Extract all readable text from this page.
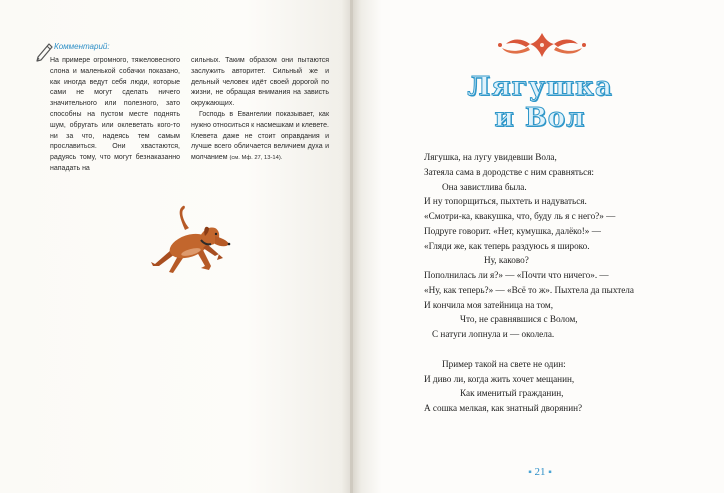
Комментарий:

На примере огромного, тяжеловесного слона и маленькой собачки показано, как иногда ведут себя люди, которые сами не могут сделать ничего значительного или полезного, зато способны на пустом месте поднять шум, обругать или оклеветать кого-то ни за что, надеясь тем самым прославиться. Они хвастаются, радуясь тому, что могут безнаказанно нападать на

сильных. Таким образом они пытаются заслужить авторитет. Сильный же и дельный человек идёт своей дорогой по жизни, не обращая внимания на зависть окружающих.

Господь в Евангелии показывает, как нужно относиться к насмешкам и клевете. Клевета даже не стоит оправдания и лучше всего обличается величием духа и молчанием (см. Мф. 27, 13-14).

Лягушка
и Вол
Лягушка, на лугу увидевши Вола,
Затеяла сама в дородстве с ним сравняться:
Она завистлива была.
И ну топорщиться, пыхтеть и надуваться.
«Смотри-ка, квакушка, что, буду ль я с него?» —
Подруге говорит. «Нет, кумушка, далёко!» —
«Гляди же, как теперь раздуюсь я широко.
Ну, каково?
Пополнилась ли я?» — «Почти что ничего». —
«Ну, как теперь?» — «Всё то ж». Пыхтела да пыхтела
И кончила моя затейница на том,
Что, не сравнявшися с Волом,
С натуги лопнула и — околела.
Пример такой на свете не один:
И диво ли, когда жить хочет мещанин,
Как именитый гражданин,
А сошка мелкая, как знатный дворянин?
▪ 21 ▪
